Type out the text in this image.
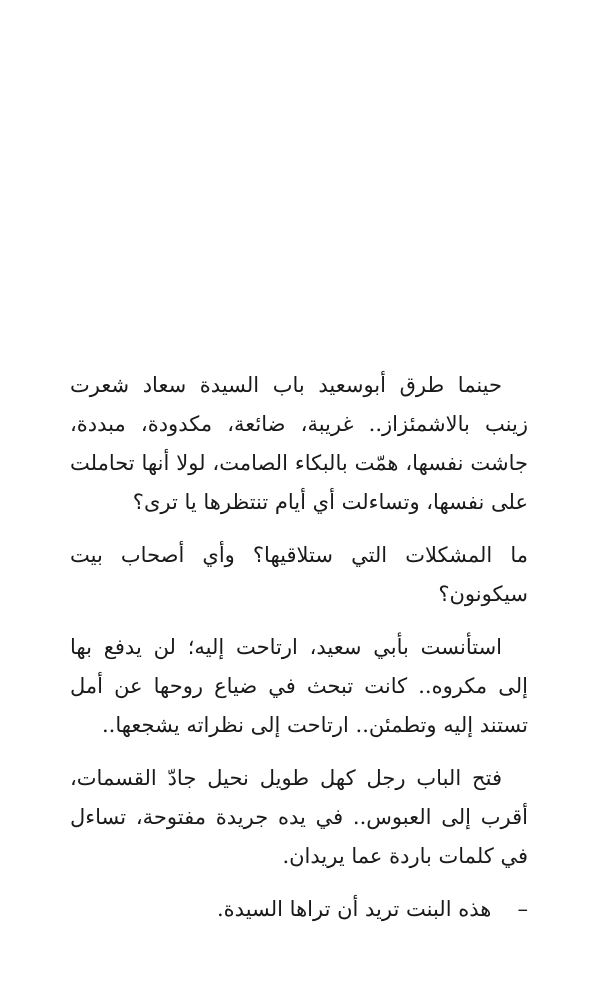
حينما طرق أبوسعيد باب السيدة سعاد شعرت زينب بالاشمئزاز.. غريبة، ضائعة، مكدودة، مبددة، جاشت نفسها، همّت بالبكاء الصامت، لولا أنها تحاملت على نفسها، وتساءلت أي أيام تنتظرها يا ترى؟

ما المشكلات التي ستلاقيها؟ وأي أصحاب بيت سيكونون؟

استأنست بأبي سعيد، ارتاحت إليه؛ لن يدفع بها إلى مكروه.. كانت تبحث في ضياع روحها عن أمل تستند إليه وتطمئن.. ارتاحت إلى نظراته يشجعها..

فتح الباب رجل كهل طويل نحيل جادّ القسمات، أقرب إلى العبوس.. في يده جريدة مفتوحة، تساءل في كلمات باردة عما يريدان.

– هذه البنت تريد أن تراها السيدة.
